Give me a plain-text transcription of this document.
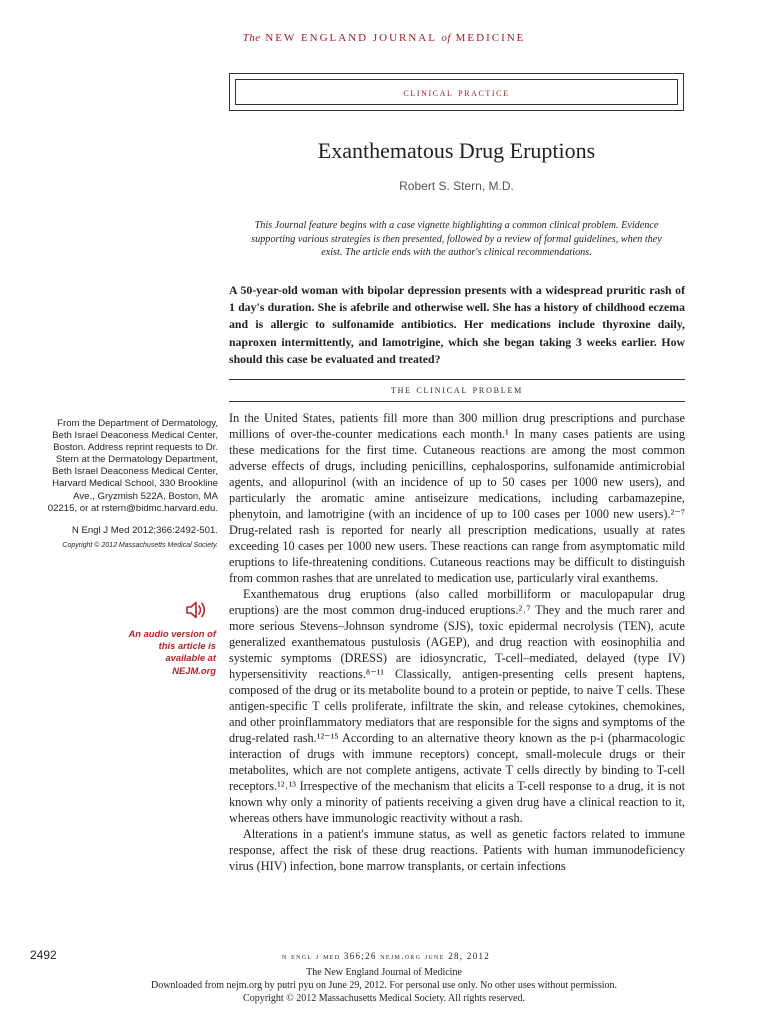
The NEW ENGLAND JOURNAL of MEDICINE
clinical practice
Exanthematous Drug Eruptions
Robert S. Stern, M.D.
This Journal feature begins with a case vignette highlighting a common clinical problem. Evidence supporting various strategies is then presented, followed by a review of formal guidelines, when they exist. The article ends with the author's clinical recommendations.
A 50-year-old woman with bipolar depression presents with a widespread pruritic rash of 1 day's duration. She is afebrile and otherwise well. She has a history of childhood eczema and is allergic to sulfonamide antibiotics. Her medications include thyroxine daily, naproxen intermittently, and lamotrigine, which she began taking 3 weeks earlier. How should this case be evaluated and treated?
the clinical problem

From the Department of Dermatology, Beth Israel Deaconess Medical Center, Boston. Address reprint requests to Dr. Stern at the Dermatology Department, Beth Israel Deaconess Medical Center, Harvard Medical School, 330 Brookline Ave., Gryzmish 522A, Boston, MA 02215, or at rstern@bidmc.harvard.edu.

N Engl J Med 2012;366:2492-501.

Copyright © 2012 Massachusetts Medical Society.

An audio version of this article is available at NEJM.org

In the United States, patients fill more than 300 million drug prescriptions and purchase millions of over-the-counter medications each month.¹ In many cases patients are using these medications for the first time. Cutaneous reactions are among the most common adverse effects of drugs, including penicillins, cephalosporins, sulfonamide antimicrobial agents, and allopurinol (with an incidence of up to 50 cases per 1000 new users), and particularly the aromatic amine antiseizure medications, including carbamazepine, phenytoin, and lamotrigine (with an incidence of up to 100 cases per 1000 new users).²⁻⁷ Drug-related rash is reported for nearly all prescription medications, usually at rates exceeding 10 cases per 1000 new users. These reactions can range from asymptomatic mild eruptions to life-threatening conditions. Cutaneous reactions may be difficult to distinguish from common rashes that are unrelated to medication use, particularly viral exanthems.

Exanthematous drug eruptions (also called morbilliform or maculopapular drug eruptions) are the most common drug-induced eruptions.²˒⁷ They and the much rarer and more serious Stevens–Johnson syndrome (SJS), toxic epidermal necrolysis (TEN), acute generalized exanthematous pustulosis (AGEP), and drug reaction with eosinophilia and systemic symptoms (DRESS) are idiosyncratic, T-cell–mediated, delayed (type IV) hypersensitivity reactions.⁸⁻¹¹ Classically, antigen-presenting cells present haptens, composed of the drug or its metabolite bound to a protein or peptide, to naive T cells. These antigen-specific T cells proliferate, infiltrate the skin, and release cytokines, chemokines, and other proinflammatory mediators that are responsible for the signs and symptoms of the drug-related rash.¹²⁻¹⁵ According to an alternative theory known as the p-i (pharmacologic interaction of drugs with immune receptors) concept, small-molecule drugs or their metabolites, which are not complete antigens, activate T cells directly by binding to T-cell receptors.¹²˒¹³ Irrespective of the mechanism that elicits a T-cell response to a drug, it is not known why only a minority of patients receiving a given drug have a clinical reaction to it, whereas others have immunologic reactivity without a rash.

Alterations in a patient's immune status, as well as genetic factors related to immune response, affect the risk of these drug reactions. Patients with human immunodeficiency virus (HIV) infection, bone marrow transplants, or certain infections

2492	n engl j med 366;26 nejm.org june 28, 2012
The New England Journal of Medicine
Downloaded from nejm.org by putri pyu on June 29, 2012. For personal use only. No other uses without permission.
Copyright © 2012 Massachusetts Medical Society. All rights reserved.
